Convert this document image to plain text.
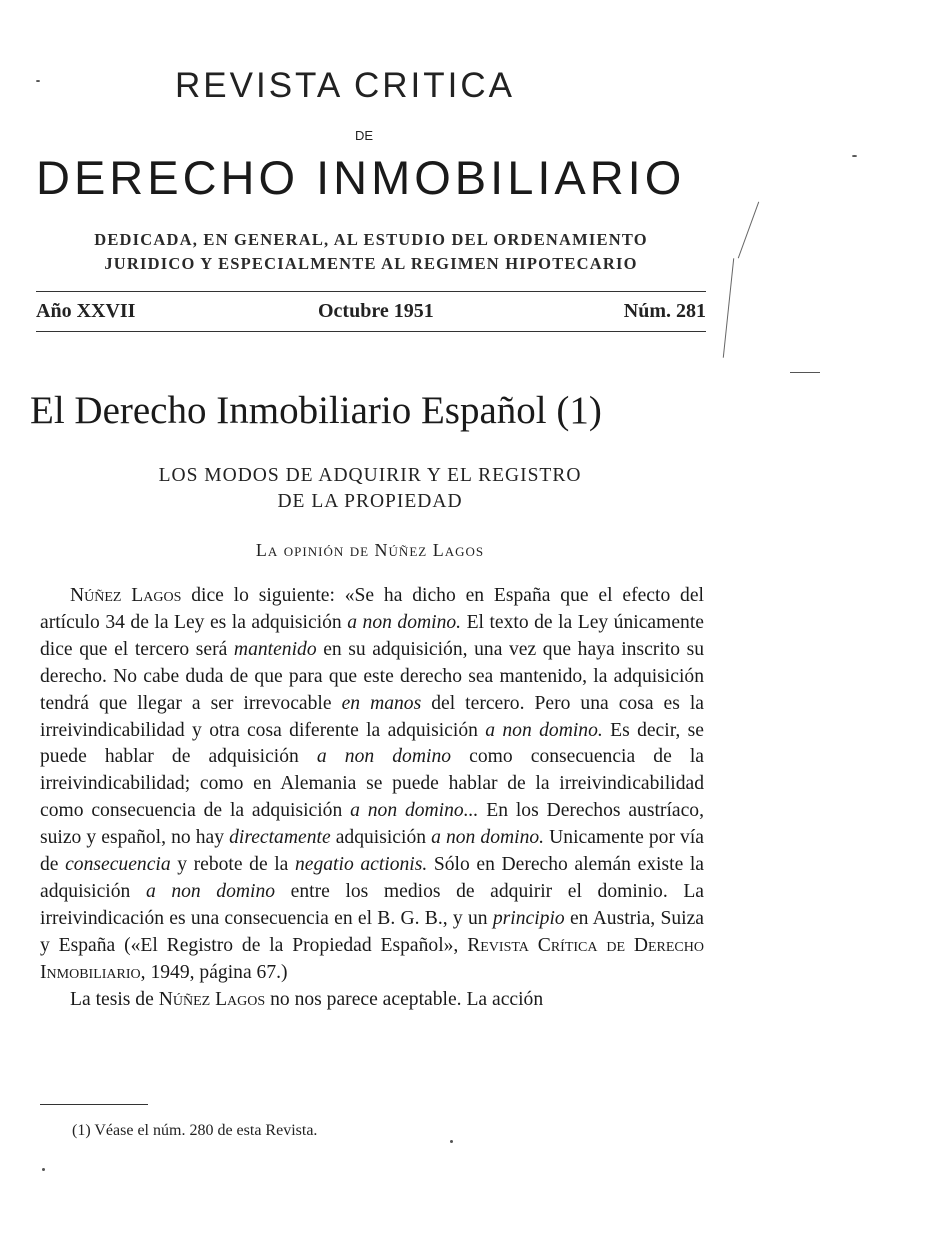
REVISTA CRITICA
DE
DERECHO INMOBILIARIO
DEDICADA, EN GENERAL, AL ESTUDIO DEL ORDENAMIENTO
JURIDICO Y ESPECIALMENTE AL REGIMEN HIPOTECARIO
Año XXVII	Octubre 1951	Núm. 281
El Derecho Inmobiliario Español (1)
LOS MODOS DE ADQUIRIR Y EL REGISTRO
DE LA PROPIEDAD
La opinión de Núñez Lagos

Núñez Lagos dice lo siguiente: «Se ha dicho en España que el efecto del artículo 34 de la Ley es la adquisición a non domino. El texto de la Ley únicamente dice que el tercero será mantenido en su adquisición, una vez que haya inscrito su derecho. No cabe duda de que para que este derecho sea mantenido, la adquisición tendrá que llegar a ser irrevocable en manos del tercero. Pero una cosa es la irreivindicabilidad y otra cosa diferente la adquisición a non domino. Es decir, se puede hablar de adquisición a non domino como consecuencia de la irreivindicabilidad; como en Alemania se puede hablar de la irreivindicabilidad como consecuencia de la adquisición a non domino... En los Derechos austríaco, suizo y español, no hay directamente adquisición a non domino. Unicamente por vía de consecuencia y rebote de la negatio actionis. Sólo en Derecho alemán existe la adquisición a non domino entre los medios de adquirir el dominio. La irreivindicación es una consecuencia en el B. G. B., y un principio en Austria, Suiza y España («El Registro de la Propiedad Español», Revista Crítica de Derecho Inmobiliario, 1949, página 67.)

La tesis de Núñez Lagos no nos parece aceptable. La acción

(1) Véase el núm. 280 de esta Revista.
